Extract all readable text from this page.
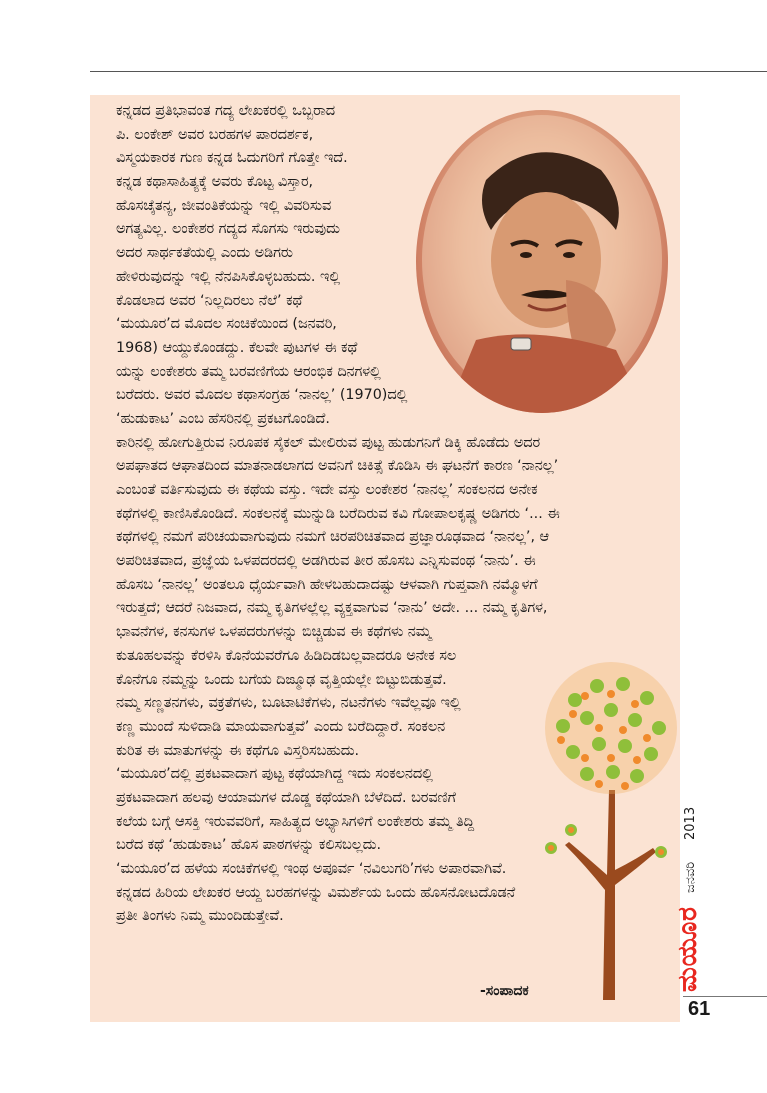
ಕನ್ನಡದ ಪ್ರತಿಭಾವಂತ ಗದ್ಯ ಲೇಖಕರಲ್ಲಿ ಒಬ್ಬರಾದ
ಪಿ. ಲಂಕೇಶ್ ಅವರ ಬರಹಗಳ ಪಾರದರ್ಶಕ,
ವಿಸ್ಮಯಕಾರಕ ಗುಣ ಕನ್ನಡ ಓದುಗರಿಗೆ ಗೊತ್ತೇ ಇದೆ.
ಕನ್ನಡ ಕಥಾಸಾಹಿತ್ಯಕ್ಕೆ ಅವರು ಕೊಟ್ಟ ವಿಸ್ತಾರ,
ಹೊಸಚೈತನ್ಯ, ಜೀವಂತಿಕೆಯನ್ನು ಇಲ್ಲಿ ವಿವರಿಸುವ
ಅಗತ್ಯವಿಲ್ಲ. ಲಂಕೇಶರ ಗದ್ಯದ ಸೊಗಸು ಇರುವುದು
ಅದರ ಸಾರ್ಥಕತೆಯಲ್ಲಿ ಎಂದು ಅಡಿಗರು
ಹೇಳಿರುವುದನ್ನು ಇಲ್ಲಿ ನೆನಪಿಸಿಕೊಳ್ಳಬಹುದು. ಇಲ್ಲಿ
ಕೊಡಲಾದ ಅವರ ‘ನಿಲ್ಲದಿರಲು ನೆಲೆ’ ಕಥೆ
‘ಮಯೂರ’ದ ಮೊದಲ ಸಂಚಿಕೆಯಿಂದ (ಜನವರಿ,
1968) ಆಯ್ದುಕೊಂಡದ್ದು. ಕೆಲವೇ ಪುಟಗಳ ಈ ಕಥೆ
ಯನ್ನು ಲಂಕೇಶರು ತಮ್ಮ ಬರವಣಿಗೆಯ ಆರಂಭಿಕ ದಿನಗಳಲ್ಲಿ
ಬರೆದರು. ಅವರ ಮೊದಲ ಕಥಾಸಂಗ್ರಹ ‘ನಾನಲ್ಲ’ (1970)ದಲ್ಲಿ
‘ಹುಡುಕಾಟ’ ಎಂಬ ಹೆಸರಿನಲ್ಲಿ ಪ್ರಕಟಗೊಂಡಿದೆ.
ಕಾರಿನಲ್ಲಿ ಹೋಗುತ್ತಿರುವ ನಿರೂಪಕ ಸೈಕಲ್ ಮೇಲಿರುವ ಪುಟ್ಟ ಹುಡುಗನಿಗೆ ಡಿಕ್ಕಿ ಹೊಡೆದು ಅದರ
ಅಪಘಾತದ ಆಘಾತದಿಂದ ಮಾತನಾಡಲಾಗದ ಅವನಿಗೆ ಚಿಕಿತ್ಸೆ ಕೊಡಿಸಿ ಈ ಘಟನೆಗೆ ಕಾರಣ ‘ನಾನಲ್ಲ’
ಎಂಬಂತೆ ವರ್ತಿಸುವುದು ಈ ಕಥೆಯ ವಸ್ತು. ಇದೇ ವಸ್ತು ಲಂಕೇಶರ ‘ನಾನಲ್ಲ’ ಸಂಕಲನದ ಅನೇಕ
ಕಥೆಗಳಲ್ಲಿ ಕಾಣಿಸಿಕೊಂಡಿದೆ. ಸಂಕಲನಕ್ಕೆ ಮುನ್ನುಡಿ ಬರೆದಿರುವ ಕವಿ ಗೋಪಾಲಕೃಷ್ಣ ಅಡಿಗರು ‘... ಈ
ಕಥೆಗಳಲ್ಲಿ ನಮಗೆ ಪರಿಚಯವಾಗುವುದು ನಮಗೆ ಚಿರಪರಿಚಿತವಾದ ಪ್ರಜ್ಞಾರೂಢವಾದ ‘ನಾನಲ್ಲ’, ಆ
ಅಪರಿಚಿತವಾದ, ಪ್ರಜ್ಞೆಯ ಒಳಪದರದಲ್ಲಿ ಅಡಗಿರುವ ತೀರ ಹೊಸಬ ಎನ್ನಿಸುವಂಥ ‘ನಾನು’. ಈ
ಹೊಸಬ ‘ನಾನಲ್ಲ’ ಅಂತಲೂ ಧೈರ್ಯವಾಗಿ ಹೇಳಬಹುದಾದಷ್ಟು ಆಳವಾಗಿ ಗುಪ್ತವಾಗಿ ನಮ್ಮೊಳಗೆ
ಇರುತ್ತದೆ; ಆದರೆ ನಿಜವಾದ, ನಮ್ಮ ಕೃತಿಗಳಲ್ಲೆಲ್ಲ ವ್ಯಕ್ತವಾಗುವ ‘ನಾನು’ ಅದೇ. ... ನಮ್ಮ ಕೃತಿಗಳ,
ಭಾವನೆಗಳ, ಕನಸುಗಳ ಒಳಪದರುಗಳನ್ನು ಬಿಚ್ಚಿಡುವ ಈ ಕಥೆಗಳು ನಮ್ಮ
ಕುತೂಹಲವನ್ನು ಕೆರಳಿಸಿ ಕೊನೆಯವರೆಗೂ ಹಿಡಿದಿಡಬಲ್ಲವಾದರೂ ಅನೇಕ ಸಲ
ಕೊನೆಗೂ ನಮ್ಮನ್ನು ಒಂದು ಬಗೆಯ ದಿಙ್ಮೂಢ ವೃತ್ತಿಯಲ್ಲೇ ಬಿಟ್ಟುಬಿಡುತ್ತವೆ.
ನಮ್ಮ ಸಣ್ಣತನಗಳು, ವಕ್ರತೆಗಳು, ಬೂಟಾಟಿಕೆಗಳು, ನಟನೆಗಳು ಇವೆಲ್ಲವೂ ಇಲ್ಲಿ
ಕಣ್ಣ ಮುಂದೆ ಸುಳಿದಾಡಿ ಮಾಯವಾಗುತ್ತವೆ’ ಎಂದು ಬರೆದಿದ್ದಾರೆ. ಸಂಕಲನ
ಕುರಿತ ಈ ಮಾತುಗಳನ್ನು ಈ ಕಥೆಗೂ ವಿಸ್ತರಿಸಬಹುದು.
‘ಮಯೂರ’ದಲ್ಲಿ ಪ್ರಕಟವಾದಾಗ ಪುಟ್ಟ ಕಥೆಯಾಗಿದ್ದ ಇದು ಸಂಕಲನದಲ್ಲಿ
ಪ್ರಕಟವಾದಾಗ ಹಲವು ಆಯಾಮಗಳ ದೊಡ್ಡ ಕಥೆಯಾಗಿ ಬೆಳೆದಿದೆ. ಬರವಣಿಗೆ
ಕಲೆಯ ಬಗ್ಗೆ ಆಸಕ್ತಿ ಇರುವವರಿಗೆ, ಸಾಹಿತ್ಯದ ಅಭ್ಯಾಸಿಗಳಿಗೆ ಲಂಕೇಶರು ತಮ್ಮ ತಿದ್ದಿ
ಬರೆದ ಕಥೆ ‘ಹುಡುಕಾಟ’ ಹೊಸ ಪಾಠಗಳನ್ನು ಕಲಿಸಬಲ್ಲದು.
‘ಮಯೂರ’ದ ಹಳೆಯ ಸಂಚಿಕೆಗಳಲ್ಲಿ ಇಂಥ ಅಪೂರ್ವ ‘ನವಿಲುಗರಿ’ಗಳು ಅಪಾರವಾಗಿವೆ.
ಕನ್ನಡದ ಹಿರಿಯ ಲೇಖಕರ ಆಯ್ದ ಬರಹಗಳನ್ನು ವಿಮರ್ಶೆಯ ಒಂದು ಹೊಸನೋಟದೊಡನೆ
ಪ್ರತೀ ತಿಂಗಳು ನಿಮ್ಮ ಮುಂದಿಡುತ್ತೇವೆ.
-ಸಂಪಾದಕ
2013
ಜನವರಿ
ಮಯೂರ
61
